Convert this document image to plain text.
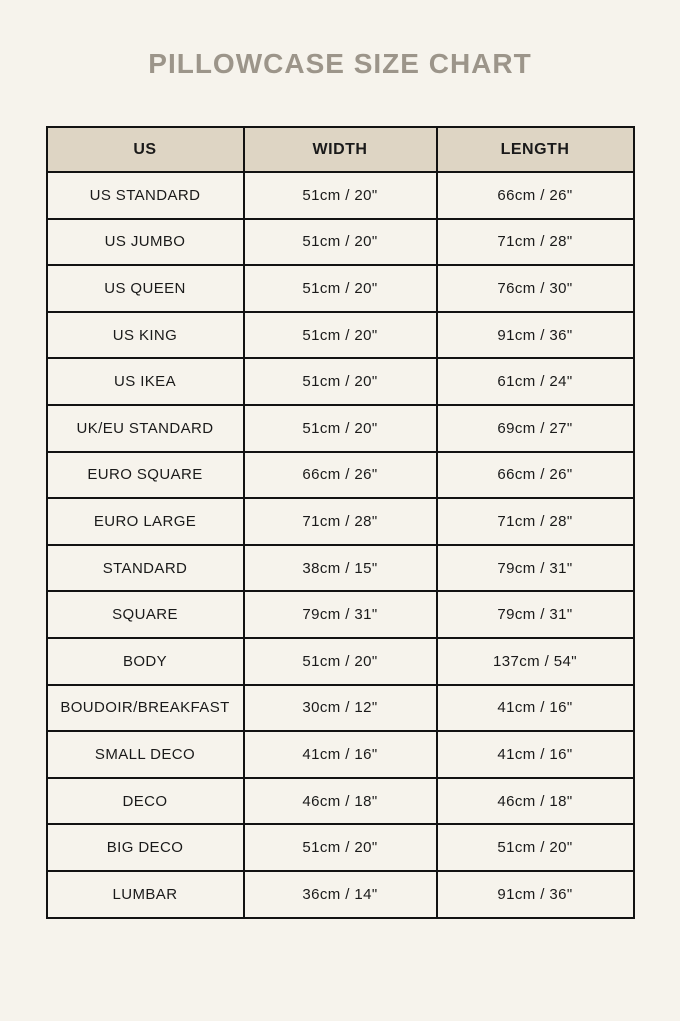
PILLOWCASE SIZE CHART
US	WIDTH	LENGTH
US STANDARD	51cm / 20"	66cm / 26"
US JUMBO	51cm / 20"	71cm / 28"
US QUEEN	51cm / 20"	76cm / 30"
US KING	51cm / 20"	91cm / 36"
US IKEA	51cm / 20"	61cm / 24"
UK/EU STANDARD	51cm / 20"	69cm / 27"
EURO SQUARE	66cm / 26"	66cm / 26"
EURO LARGE	71cm / 28"	71cm / 28"
STANDARD	38cm / 15"	79cm / 31"
SQUARE	79cm / 31"	79cm / 31"
BODY	51cm / 20"	137cm / 54"
BOUDOIR/BREAKFAST	30cm / 12"	41cm / 16"
SMALL DECO	41cm / 16"	41cm / 16"
DECO	46cm / 18"	46cm / 18"
BIG DECO	51cm / 20"	51cm / 20"
LUMBAR	36cm / 14"	91cm / 36"
